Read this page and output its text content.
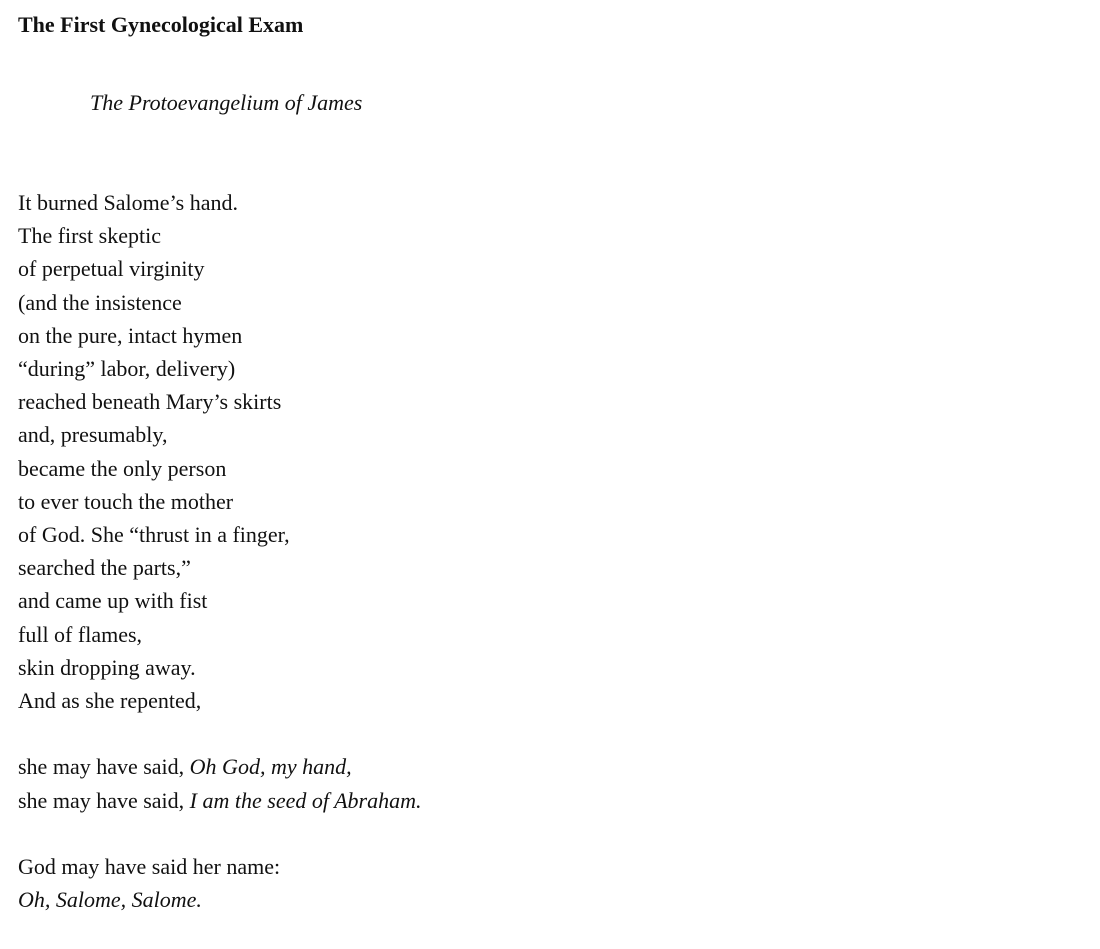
The First Gynecological Exam

The Protoevangelium of James

It burned Salome’s hand.
The first skeptic
of perpetual virginity
(and the insistence
on the pure, intact hymen
“during” labor, delivery)
reached beneath Mary’s skirts
and, presumably,
became the only person
to ever touch the mother
of God. She “thrust in a finger,
searched the parts,”
and came up with fist
full of flames,
skin dropping away.
And as she repented,
she may have said, Oh God, my hand,
she may have said, I am the seed of Abraham.
God may have said her name:
Oh, Salome, Salome.
